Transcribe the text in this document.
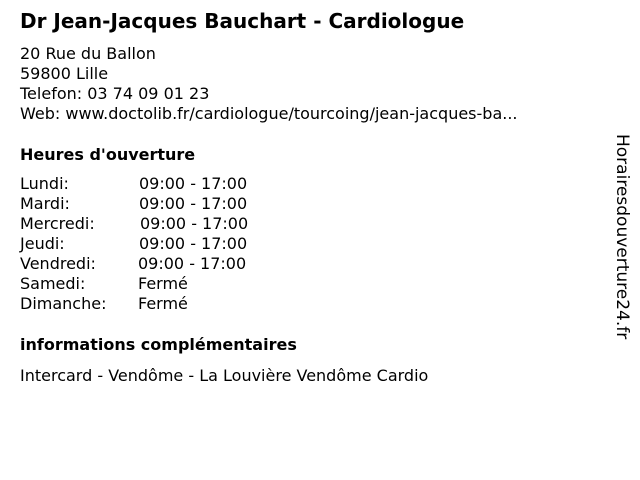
Dr Jean-Jacques Bauchart - Cardiologue
20 Rue du Ballon
59800 Lille
Telefon: 03 74 09 01 23
Web: www.doctolib.fr/cardiologue/tourcoing/jean-jacques-ba...
Heures d'ouverture
Lundi:	09:00 - 17:00
Mardi:	09:00 - 17:00
Mercredi:	09:00 - 17:00
Jeudi:	09:00 - 17:00
Vendredi:	09:00 - 17:00
Samedi:	Fermé
Dimanche: Fermé
informations complémentaires
Intercard - Vendôme - La Louvière Vendôme Cardio
Horairesdouverture24.fr
